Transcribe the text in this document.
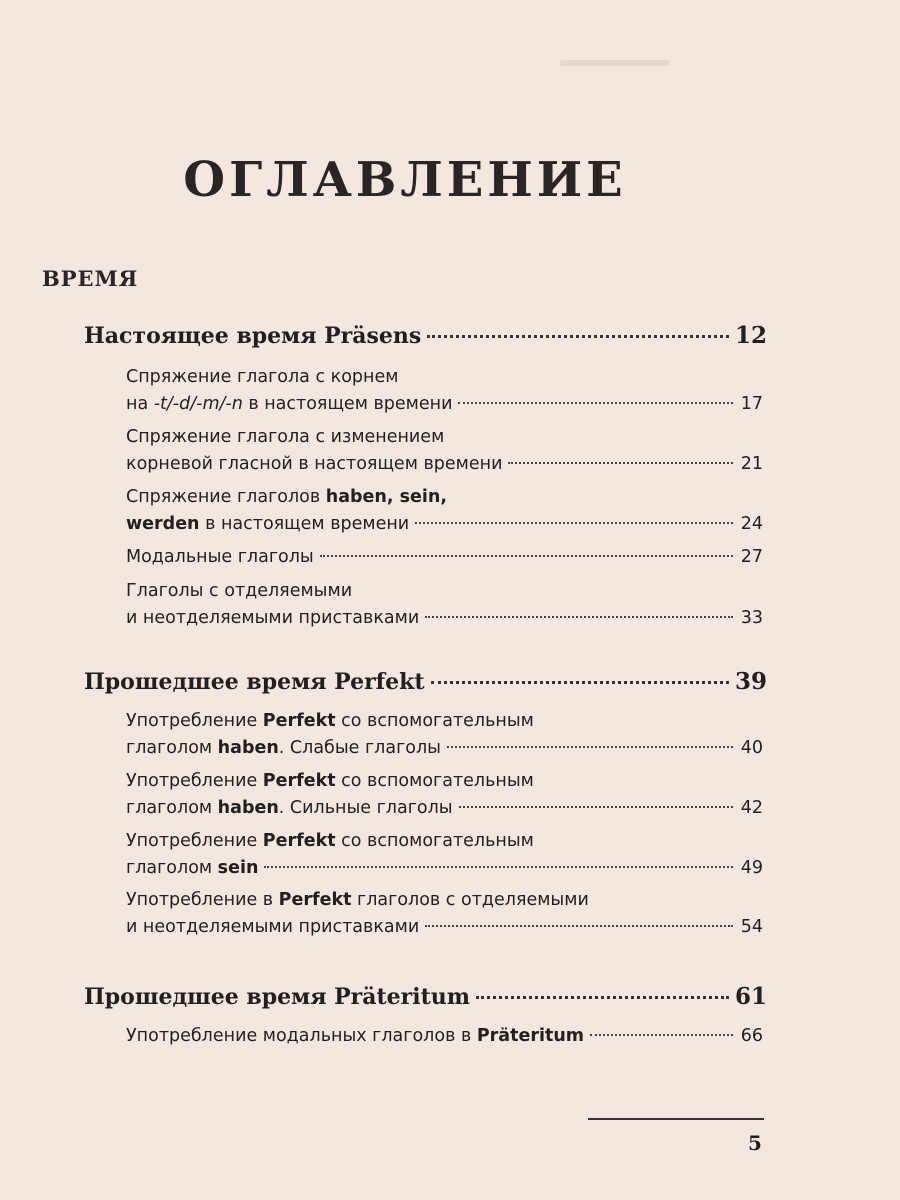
ОГЛАВЛЕНИЕ
ВРЕМЯ
Настоящее время Präsens	12
Спряжение глагола с корнем
на -t/-d/-m/-n в настоящем времени	17
Спряжение глагола с изменением
корневой гласной в настоящем времени	21
Спряжение глаголов haben, sein,
werden в настоящем времени	24
Модальные глаголы	27
Глаголы с отделяемыми
и неотделяемыми приставками	33
Прошедшее время Perfekt	39
Употребление Perfekt со вспомогательным
глаголом haben. Слабые глаголы	40
Употребление Perfekt со вспомогательным
глаголом haben. Сильные глаголы	42
Употребление Perfekt со вспомогательным
глаголом sein	49
Употребление в Perfekt глаголов с отделяемыми
и неотделяемыми приставками	54
Прошедшее время Präteritum	61
Употребление модальных глаголов в Präteritum	66
5
